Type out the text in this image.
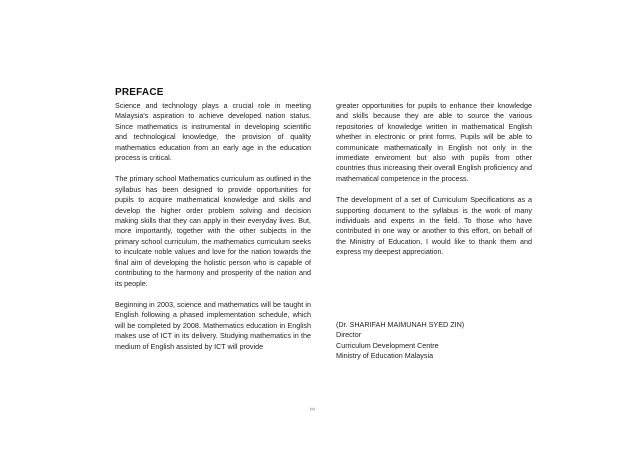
PREFACE

Science and technology plays a crucial role in meeting Malaysia's aspiration to achieve developed nation status. Since mathematics is instrumental in developing scientific and technological knowledge, the provision of quality mathematics education from an early age in the education process is critical.

The primary school Mathematics curriculum as outlined in the syllabus has been designed to provide opportunities for pupils to acquire mathematical knowledge and skills and develop the higher order problem solving and decision making skills that they can apply in their everyday lives. But, more importantly, together with the other subjects in the primary school curriculum, the mathematics curriculum seeks to inculcate noble values and love for the nation towards the final aim of developing the holistic person who is capable of contributing to the harmony and prosperity of the nation and its people.

Beginning in 2003, science and mathematics will be taught in English following a phased implementation schedule, which will be completed by 2008. Mathematics education in English makes use of ICT in its delivery. Studying mathematics in the medium of English assisted by ICT will provide

greater opportunities for pupils to enhance their knowledge and skills because they are able to source the various repositories of knowledge written in mathematical English whether in electronic or print forms. Pupils will be able to communicate mathematically in English not only in the immediate enviroment but also with pupils from other countries thus increasing their overall English proficiency and mathematical competence in the process.

The development of a set of Curriculum Specifications as a supporting document to the syllabus is the work of many individuals and experts in the field. To those who have contributed in one way or another to this effort, on behalf of the Ministry of Education, I would like to thank them and express my deepest appreciation.

(Dr. SHARIFAH MAIMUNAH SYED ZIN)
Director
Curriculum Development Centre
Ministry of Education Malaysia
(v)
